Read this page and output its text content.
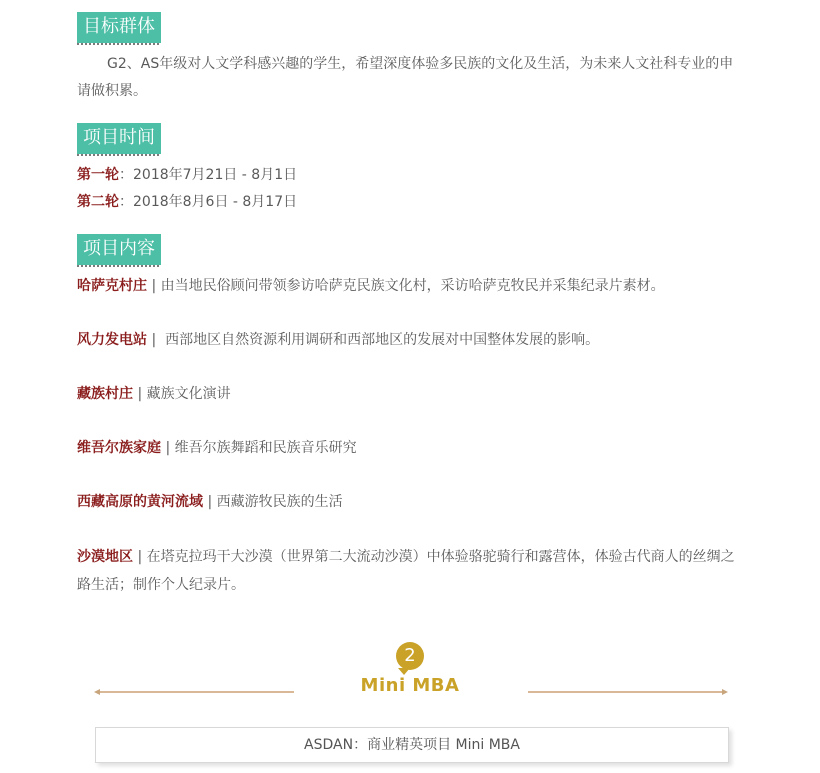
目标群体
G2、AS年级对人文学科感兴趣的学生，希望深度体验多民族的文化及生活，为未来人文社科专业的申请做积累。
项目时间
第一轮：2018年7月21日 - 8月1日
第二轮：2018年8月6日 - 8月17日
项目内容
哈萨克村庄 | 由当地民俗顾问带领参访哈萨克民族文化村，采访哈萨克牧民并采集纪录片素材。
风力发电站 |  西部地区自然资源利用调研和西部地区的发展对中国整体发展的影响。
藏族村庄 | 藏族文化演讲
维吾尔族家庭 | 维吾尔族舞蹈和民族音乐研究
西藏高原的黄河流域 | 西藏游牧民族的生活
沙漠地区 | 在塔克拉玛干大沙漠（世界第二大流动沙漠）中体验骆驼骑行和露营体，体验古代商人的丝绸之路生活；制作个人纪录片。
2
Mini MBA
ASDAN：商业精英项目 Mini MBA
